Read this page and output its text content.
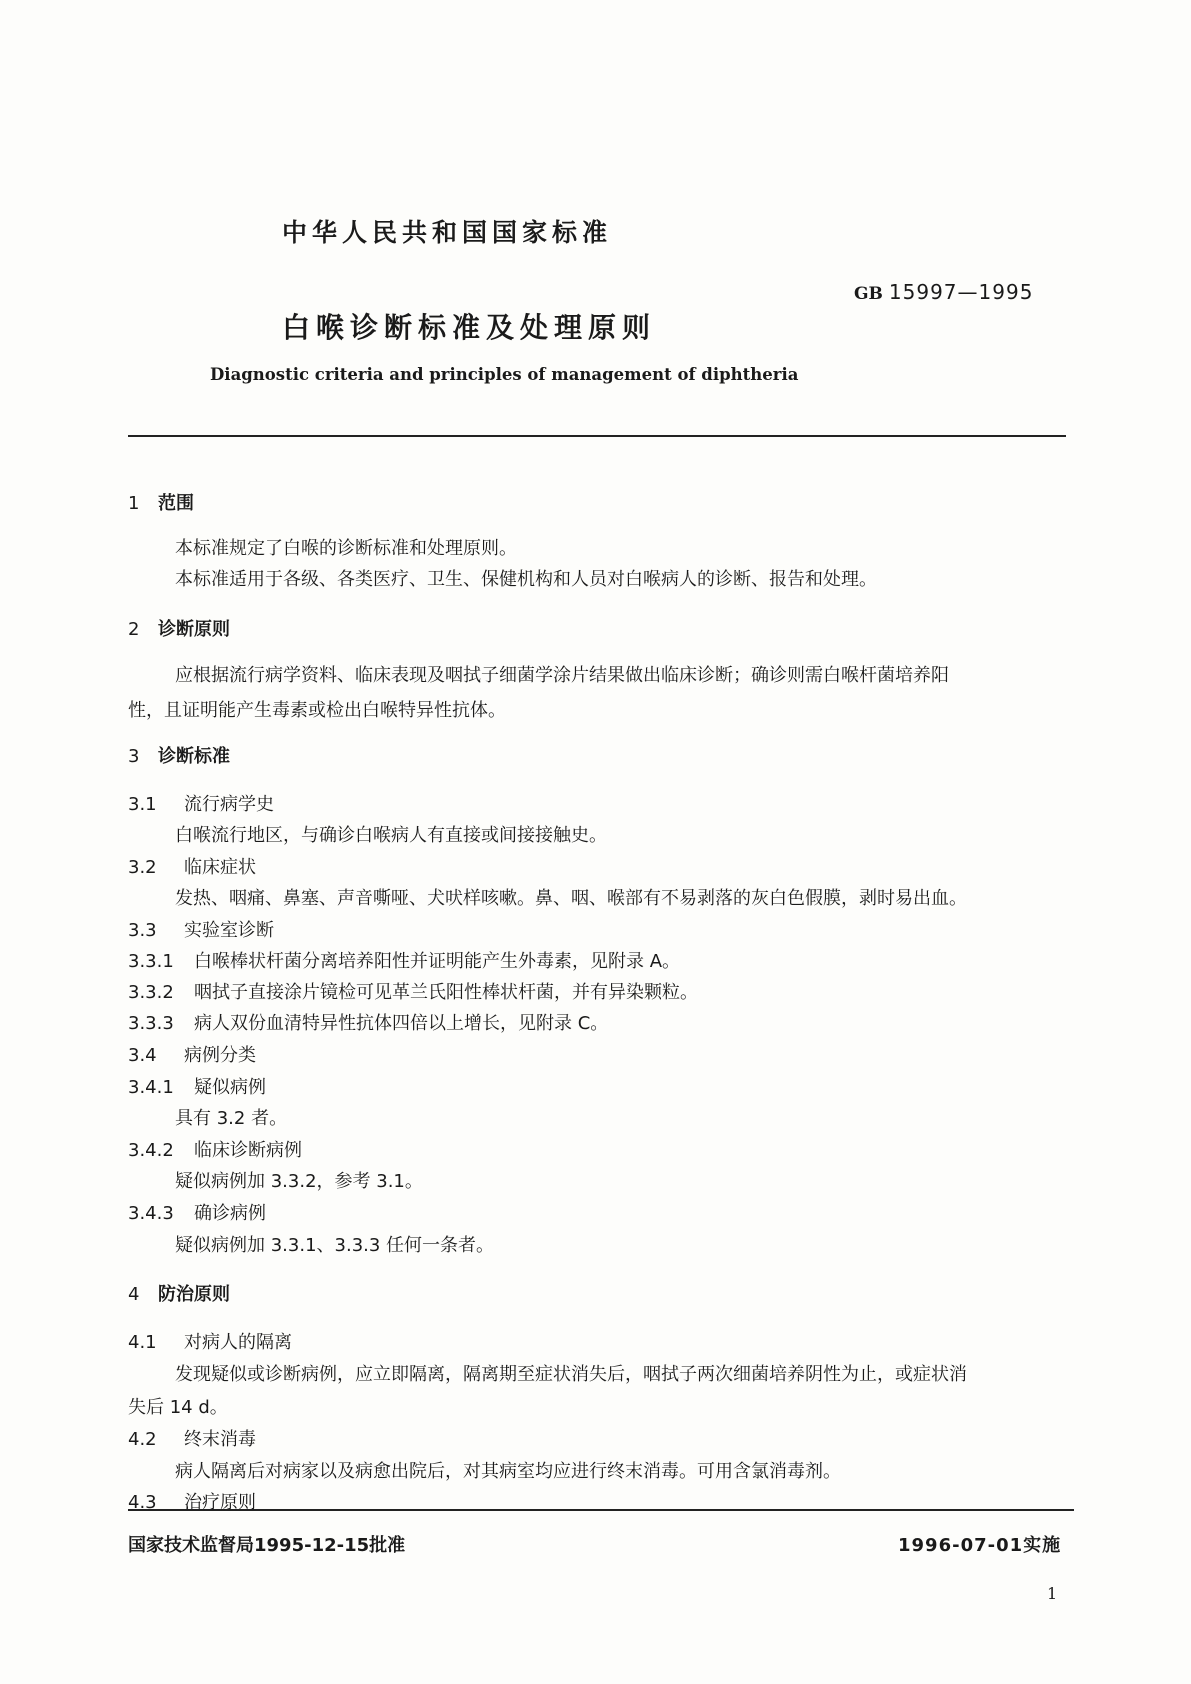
中华人民共和国国家标准
GB 15997—1995
白喉诊断标准及处理原则
Diagnostic criteria and principles of management of diphtheria
1 范围
本标准规定了白喉的诊断标准和处理原则。
本标准适用于各级、各类医疗、卫生、保健机构和人员对白喉病人的诊断、报告和处理。
2 诊断原则
应根据流行病学资料、临床表现及咽拭子细菌学涂片结果做出临床诊断；确诊则需白喉杆菌培养阳
性，且证明能产生毒素或检出白喉特异性抗体。
3 诊断标准
3.1 流行病学史
白喉流行地区，与确诊白喉病人有直接或间接接触史。
3.2 临床症状
发热、咽痛、鼻塞、声音嘶哑、犬吠样咳嗽。鼻、咽、喉部有不易剥落的灰白色假膜，剥时易出血。
3.3 实验室诊断
3.3.1 白喉棒状杆菌分离培养阳性并证明能产生外毒素，见附录 A。
3.3.2 咽拭子直接涂片镜检可见革兰氏阳性棒状杆菌，并有异染颗粒。
3.3.3 病人双份血清特异性抗体四倍以上增长，见附录 C。
3.4 病例分类
3.4.1 疑似病例
具有 3.2 者。
3.4.2 临床诊断病例
疑似病例加 3.3.2，参考 3.1。
3.4.3 确诊病例
疑似病例加 3.3.1、3.3.3 任何一条者。
4 防治原则
4.1 对病人的隔离
发现疑似或诊断病例，应立即隔离，隔离期至症状消失后，咽拭子两次细菌培养阴性为止，或症状消
失后 14 d。
4.2 终末消毒
病人隔离后对病家以及病愈出院后，对其病室均应进行终末消毒。可用含氯消毒剂。
4.3 治疗原则
国家技术监督局1995-12-15批准	1996-07-01实施
1
